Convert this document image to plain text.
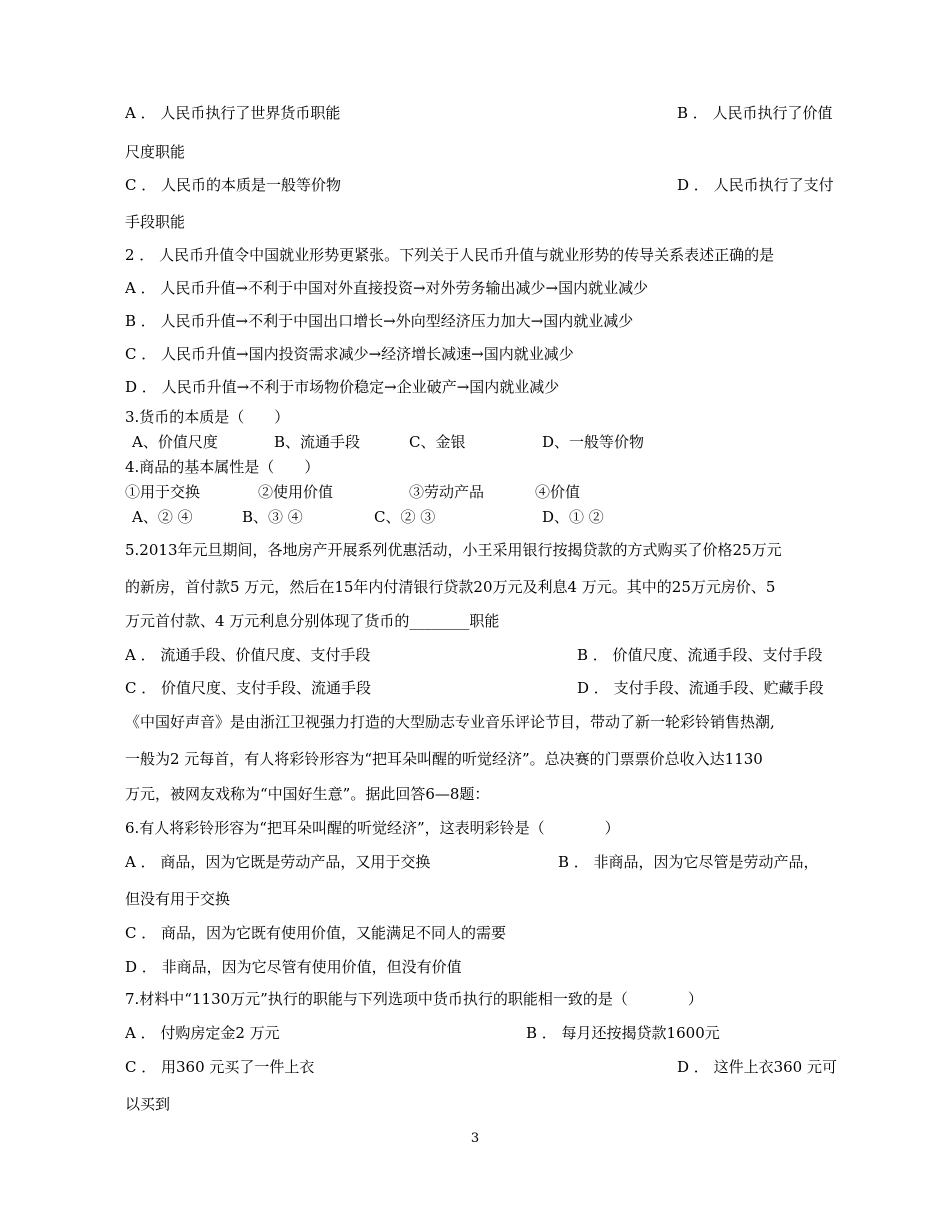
A ． 人民币执行了世界货币职能	B ． 人民币执行了价值
尺度职能
C ． 人民币的本质是一般等价物	D ． 人民币执行了支付
手段职能
2 ． 人民币升值令中国就业形势更紧张。下列关于人民币升值与就业形势的传导关系表述正确的是
A ． 人民币升值→不利于中国对外直接投资→对外劳务输出减少→国内就业减少
B ． 人民币升值→不利于中国出口增长→外向型经济压力加大→国内就业减少
C ． 人民币升值→国内投资需求减少→经济增长减速→国内就业减少
D ． 人民币升值→不利于市场物价稳定→企业破产→国内就业减少
3.货币的本质是（　　）
A、价值尺度	B、流通手段	C、金银	D、一般等价物
4.商品的基本属性是（　　）
①用于交换	②使用价值	③劳动产品	④价值
A、② ④	B、③ ④	C、② ③	D、① ②
5.2013年元旦期间，各地房产开展系列优惠活动，小王采用银行按揭贷款的方式购买了价格25万元
的新房，首付款5 万元，然后在15年内付清银行贷款20万元及利息4 万元。其中的25万元房价、5
万元首付款、4 万元利息分别体现了货币的________职能
A ． 流通手段、价值尺度、支付手段	B ． 价值尺度、流通手段、支付手段
C ． 价值尺度、支付手段、流通手段	D ． 支付手段、流通手段、贮藏手段
《中国好声音》是由浙江卫视强力打造的大型励志专业音乐评论节目，带动了新一轮彩铃销售热潮,
一般为2 元每首，有人将彩铃形容为“把耳朵叫醒的听觉经济”。总决赛的门票票价总收入达1130
万元，被网友戏称为“中国好生意”。据此回答6—8题：
6.有人将彩铃形容为“把耳朵叫醒的听觉经济”，这表明彩铃是（　　　　）
A ． 商品，因为它既是劳动产品，又用于交换	B ． 非商品，因为它尽管是劳动产品，
但没有用于交换
C ． 商品，因为它既有使用价值，又能满足不同人的需要
D ． 非商品，因为它尽管有使用价值，但没有价值
7.材料中“1130万元”执行的职能与下列选项中货币执行的职能相一致的是（　　　　）
A ． 付购房定金2 万元	B ． 每月还按揭贷款1600元
C ． 用360 元买了一件上衣	D ． 这件上衣360 元可
以买到
3
